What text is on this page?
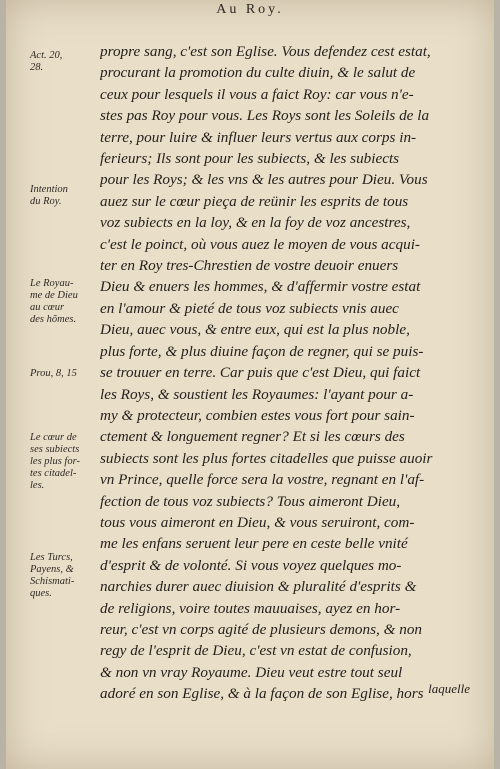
Au Roy.
Act. 20,
28.
Intention
du Roy.
Le Royau-
me de Dieu
au cœur
des hõmes.
Prou, 8, 15
Le cœur de
ses subiects
les plus for-
tes citadel-
les.
Les Turcs,
Payens, &
Schismati-
ques.
propre sang, c'est son Eglise. Vous defendez cest estat,
procurant la promotion du culte diuin, & le salut de
ceux pour lesquels il vous a faict Roy: car vous n'e-
stes pas Roy pour vous. Les Roys sont les Soleils de la
terre, pour luire & influer leurs vertus aux corps in-
ferieurs; Ils sont pour les subiects, & les subiects
pour les Roys; & les vns & les autres pour Dieu. Vous
auez sur le cœur pieça de reünir les esprits de tous
voz subiects en la loy, & en la foy de voz ancestres,
c'est le poinct, où vous auez le moyen de vous acqui-
ter en Roy tres-Chrestien de vostre deuoir enuers
Dieu & enuers les hommes, & d'affermir vostre estat
en l'amour & pieté de tous voz subiects vnis auec
Dieu, auec vous, & entre eux, qui est la plus noble,
plus forte, & plus diuine façon de regner, qui se puis-
se trouuer en terre. Car puis que c'est Dieu, qui faict
les Roys, & soustient les Royaumes: l'ayant pour a-
my & protecteur, combien estes vous fort pour sain-
ctement & longuement regner? Et si les cœurs des
subiects sont les plus fortes citadelles que puisse auoir
vn Prince, quelle force sera la vostre, regnant en l'af-
fection de tous voz subiects? Tous aimeront Dieu,
tous vous aimeront en Dieu, & vous seruiront, com-
me les enfans seruent leur pere en ceste belle vnité
d'esprit & de volonté. Si vous voyez quelques mo-
narchies durer auec diuision & pluralité d'esprits &
de religions, voire toutes mauuaises, ayez en hor-
reur, c'est vn corps agité de plusieurs demons, & non
regy de l'esprit de Dieu, c'est vn estat de confusion,
& non vn vray Royaume. Dieu veut estre tout seul
adoré en son Eglise, & à la façon de son Eglise, hors laquelle
